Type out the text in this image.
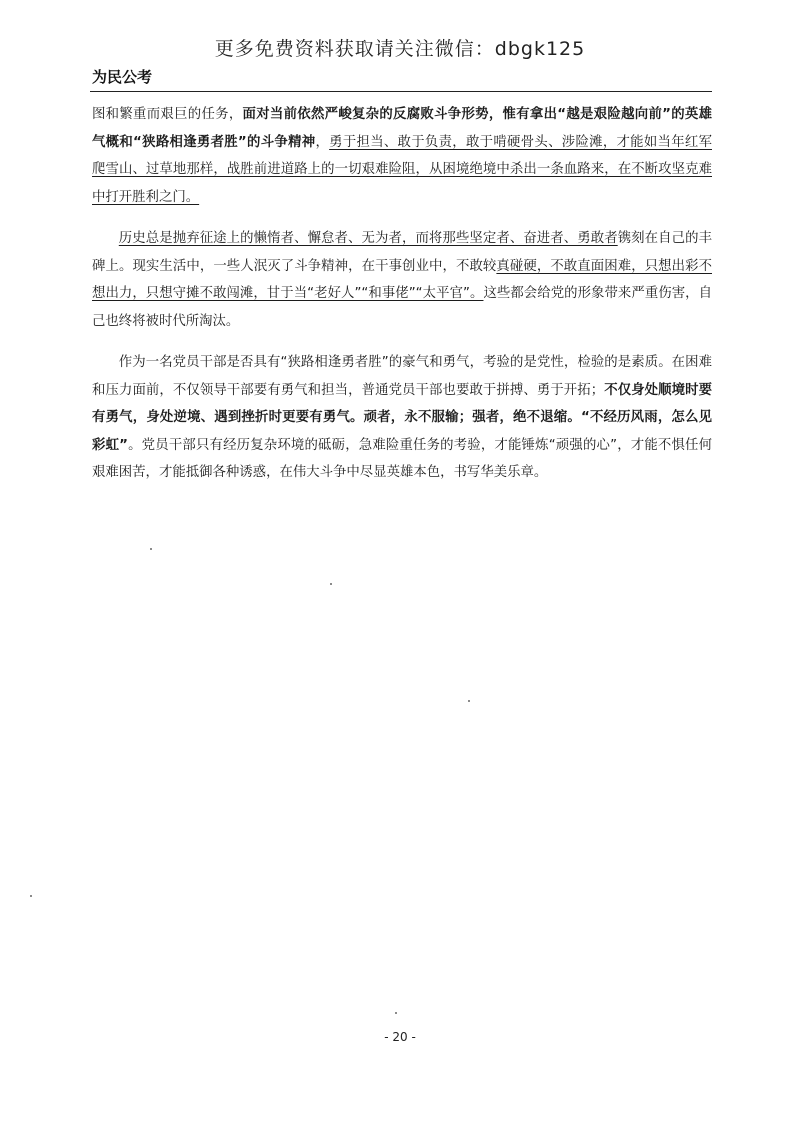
更多免费资料获取请关注微信：dbgk125
为民公考

图和繁重而艰巨的任务，面对当前依然严峻复杂的反腐败斗争形势，惟有拿出“越是艰险越向前”的英雄气概和“狭路相逢勇者胜”的斗争精神，勇于担当、敢于负责，敢于啃硬骨头、涉险滩，才能如当年红军爬雪山、过草地那样，战胜前进道路上的一切艰难险阻，从困境绝境中杀出一条血路来，在不断攻坚克难中打开胜利之门。

历史总是抛弃征途上的懒惰者、懈怠者、无为者，而将那些坚定者、奋进者、勇敢者镌刻在自己的丰碑上。现实生活中，一些人泯灭了斗争精神，在干事创业中，不敢较真碰硬，不敢直面困难，只想出彩不想出力，只想守摊不敢闯滩，甘于当“老好人”“和事佬”“太平官”。这些都会给党的形象带来严重伤害，自己也终将被时代所淘汰。

作为一名党员干部是否具有“狭路相逢勇者胜”的豪气和勇气，考验的是党性，检验的是素质。在困难和压力面前，不仅领导干部要有勇气和担当，普通党员干部也要敢于拼搏、勇于开拓；不仅身处顺境时要有勇气，身处逆境、遇到挫折时更要有勇气。顽者，永不服输；强者，绝不退缩。“不经历风雨，怎么见彩虹”。党员干部只有经历复杂环境的砥砺，急难险重任务的考验，才能锤炼“顽强的心”，才能不惧任何艰难困苦，才能抵御各种诱惑，在伟大斗争中尽显英雄本色，书写华美乐章。

- 20 -
